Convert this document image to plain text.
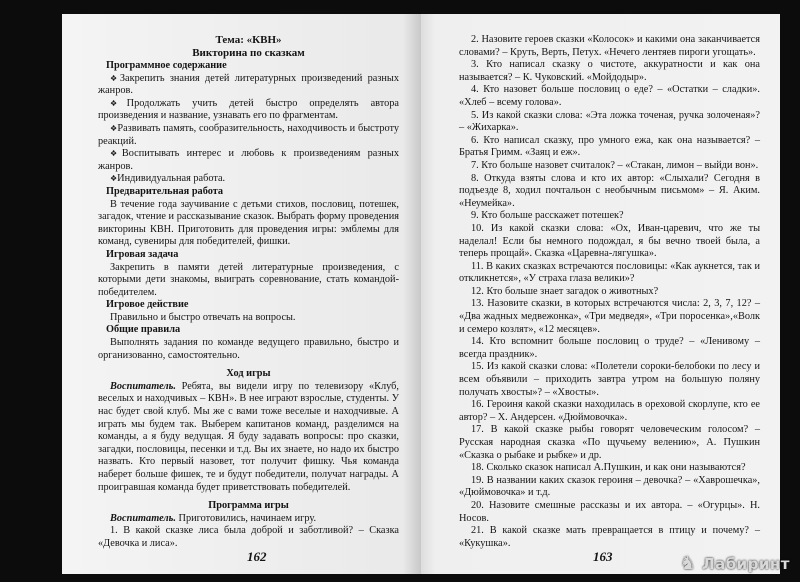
Тема: «КВН»
Викторина по сказкам
Программное содержание

❖ Закрепить знания детей литературных произведений разных жанров.

❖ Продолжать учить детей быстро определять автора произведения и название, узнавать его по фрагментам.

❖ Развивать память, сообразительность, находчивость и быстроту реакций.

❖ Воспитывать интерес и любовь к произведениям разных жанров.

❖ Индивидуальная работа.

Предварительная работа

В течение года заучивание с детьми стихов, пословиц, потешек, загадок, чтение и рассказывание сказок. Выбрать форму проведения викторины КВН. Приготовить для проведения игры: эмблемы для команд, сувениры для победителей, фишки.

Игровая задача

Закрепить в памяти детей литературные произведения, с которыми дети знакомы, выиграть соревнование, стать командой-победителем.

Игровое действие

Правильно и быстро отвечать на вопросы.

Общие правила

Выполнять задания по команде ведущего правильно, быстро и организованно, самостоятельно.

Ход игры

Воспитатель. Ребята, вы видели игру по телевизору «Клуб, веселых и находчивых – КВН». В нее играют взрослые, студенты. У нас будет свой клуб. Мы же с вами тоже веселые и находчивые. А играть мы будем так. Выберем капитанов команд, разделимся на команды, а я буду ведущая. Я буду задавать вопросы: про сказки, загадки, пословицы, песенки и т.д. Вы их знаете, но надо их быстро назвать. Кто первый назовет, тот получит фишку. Чья команда наберет больше фишек, те и будут победители, получат награды. А проигравшая команда будет приветствовать победителей.

Программа игры

Воспитатель. Приготовились, начинаем игру.

1. В какой сказке лиса была доброй и заботливой? – Сказка «Девочка и лиса».

162

2. Назовите героев сказки «Колосок» и какими она заканчивается словами? – Круть, Верть, Петух. «Нечего лентяев пироги угощать».

3. Кто написал сказку о чистоте, аккуратности и как она называется? – К. Чуковский. «Мойдодыр».

4. Кто назовет больше пословиц о еде? – «Остатки – сладки». «Хлеб – всему голова».

5. Из какой сказки слова: «Эта ложка точеная, ручка золоченая»? – «Жихарка».

6. Кто написал сказку, про умного ежа, как она называется? – Братья Гримм. «Заяц и еж».

7. Кто больше назовет считалок? – «Стакан, лимон – выйди вон».

8. Откуда взяты слова и кто их автор: «Слыхали? Сегодня в подъезде 8, ходил почтальон с необычным письмом» – Я. Аким. «Неумейка».

9. Кто больше расскажет потешек?

10. Из какой сказки слова: «Ох, Иван-царевич, что же ты наделал! Если бы немного подождал, я бы вечно твоей была, а теперь прощай». Сказка «Царевна-лягушка».

11. В каких сказках встречаются пословицы: «Как аукнется, так и откликнется», «У страха глаза велики»?

12. Кто больше знает загадок о животных?

13. Назовите сказки, в которых встречаются числа: 2, 3, 7, 12? – «Два жадных медвежонка», «Три медведя», «Три поросенка»,«Волк и семеро козлят», «12 месяцев».

14. Кто вспомнит больше пословиц о труде? – «Ленивому – всегда праздник».

15. Из какой сказки слова: «Полетели сороки-белобоки по лесу и всем объявили – приходить завтра утром на большую поляну получать хвосты»? – «Хвосты».

16. Героиня какой сказки находилась в ореховой скорлупе, кто ее автор? – Х. Андерсен. «Дюймовочка».

17. В какой сказке рыбы говорят человеческим голосом? – Русская народная сказка «По щучьему велению», А. Пушкин «Сказка о рыбаке и рыбке» и др.

18. Сколько сказок написал А.Пушкин, и как они называются?

19. В названии каких сказок героиня – девочка? – «Хаврошечка», «Дюймовочка» и т.д.

20. Назовите смешные рассказы и их автора. – «Огурцы». Н. Носов.

21. В какой сказке мать превращается в птицу и почему? – «Кукушка».

163	♞ Лабиринт
